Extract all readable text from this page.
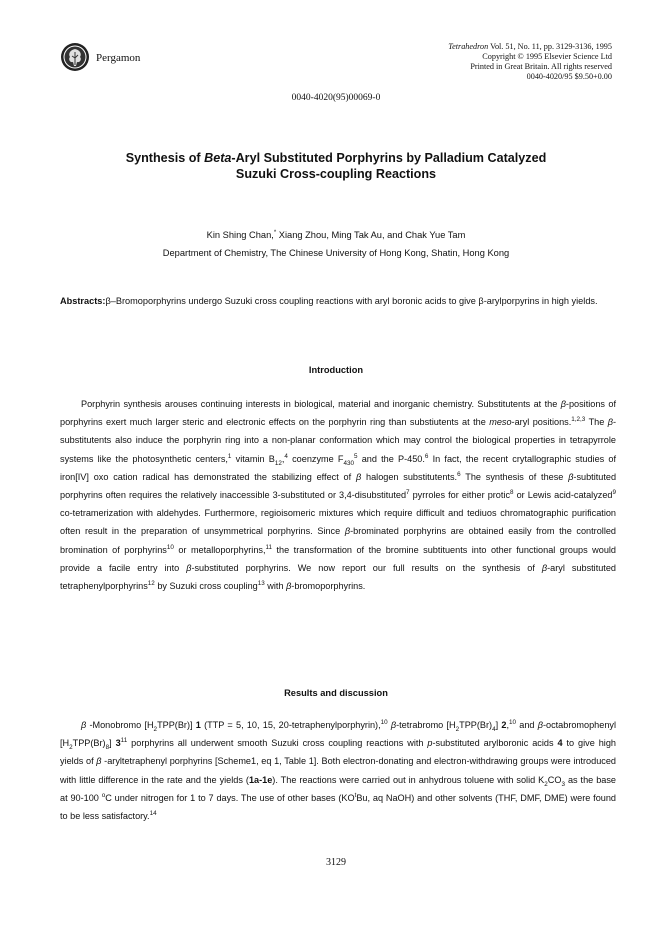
Pergamon
Tetrahedron Vol. 51, No. 11, pp. 3129-3136, 1995
Copyright © 1995 Elsevier Science Ltd
Printed in Great Britain. All rights reserved
0040-4020/95 $9.50+0.00
0040-4020(95)00069-0
Synthesis of Beta-Aryl Substituted Porphyrins by Palladium Catalyzed
Suzuki Cross-coupling Reactions
Kin Shing Chan,* Xiang Zhou, Ming Tak Au, and Chak Yue Tam
Department of Chemistry, The Chinese University of Hong Kong, Shatin, Hong Kong
Abstracts:β–Bromoporphyrins undergo Suzuki cross coupling reactions with aryl boronic acids to give β-arylporpyrins in high yields.
Introduction
Porphyrin synthesis arouses continuing interests in biological, material and inorganic chemistry. Substitutents at the β-positions of porphyrins exert much larger steric and electronic effects on the porphyrin ring than substiutents at the meso-aryl positions.$^{1,2,3}$ The β-substitutents also induce the porphyrin ring into a non-planar conformation which may control the biological properties in tetrapyrrole systems like the photosynthetic centers,$^1$ vitamin $B_{12},^4$ coenzyme $F_{430}^5$ and the P-450.$^6$ In fact, the recent crytallographic studies of iron[IV] oxo cation radical has demonstrated the stabilizing effect of β halogen substitutents.$^6$ The synthesis of these β-subtituted porphyrins often requires the relatively inaccessible 3-substituted or 3,4-disubstituted$^7$ pyrroles for either protic$^8$ or Lewis acid-catalyzed$^9$ co-tetramerization with aldehydes. Furthermore, regioisomeric mixtures which require difficult and tediuos chromatographic purification often result in the preparation of unsymmetrical porphyrins. Since β-brominated porphyrins are obtained easily from the controlled bromination of porphyrins$^{10}$ or metalloporphyrins,$^{11}$ the transformation of the bromine subtituents into other functional groups would provide a facile entry into β-substituted porphyrins. We now report our full results on the synthesis of β-aryl substituted tetraphenylporphyrins$^{12}$ by Suzuki cross coupling$^{13}$ with β-bromoporphyrins.
Results and discussion
β -Monobromo $[H_2TPP(Br)]$ 1 (TTP = 5, 10, 15, 20-tetraphenylporphyrin),$^{10}$ β-tetrabromo $[H_2TPP(Br)_4]$ 2,10 and β-octabromophenyl $[H_2TPP(Br)_8]$ $3^{11}$ porphyrins all underwent smooth Suzuki cross coupling reactions with p-substituted arylboronic acids 4 to give high yields of β -aryltetraphenyl porphyrins [Scheme1, eq 1, Table 1]. Both electron-donating and electron-withdrawing groups were introduced with little difference in the rate and the yields (1a-1e). The reactions were carried out in anhydrous toluene with solid $K_2CO_3$ as the base at 90-100 $^o$C under nitrogen for 1 to 7 days. The use of other bases ($KO^tBu$, aq NaOH) and other solvents (THF, DMF, DME) were found to be less satisfactory.$^{14}$
3129
